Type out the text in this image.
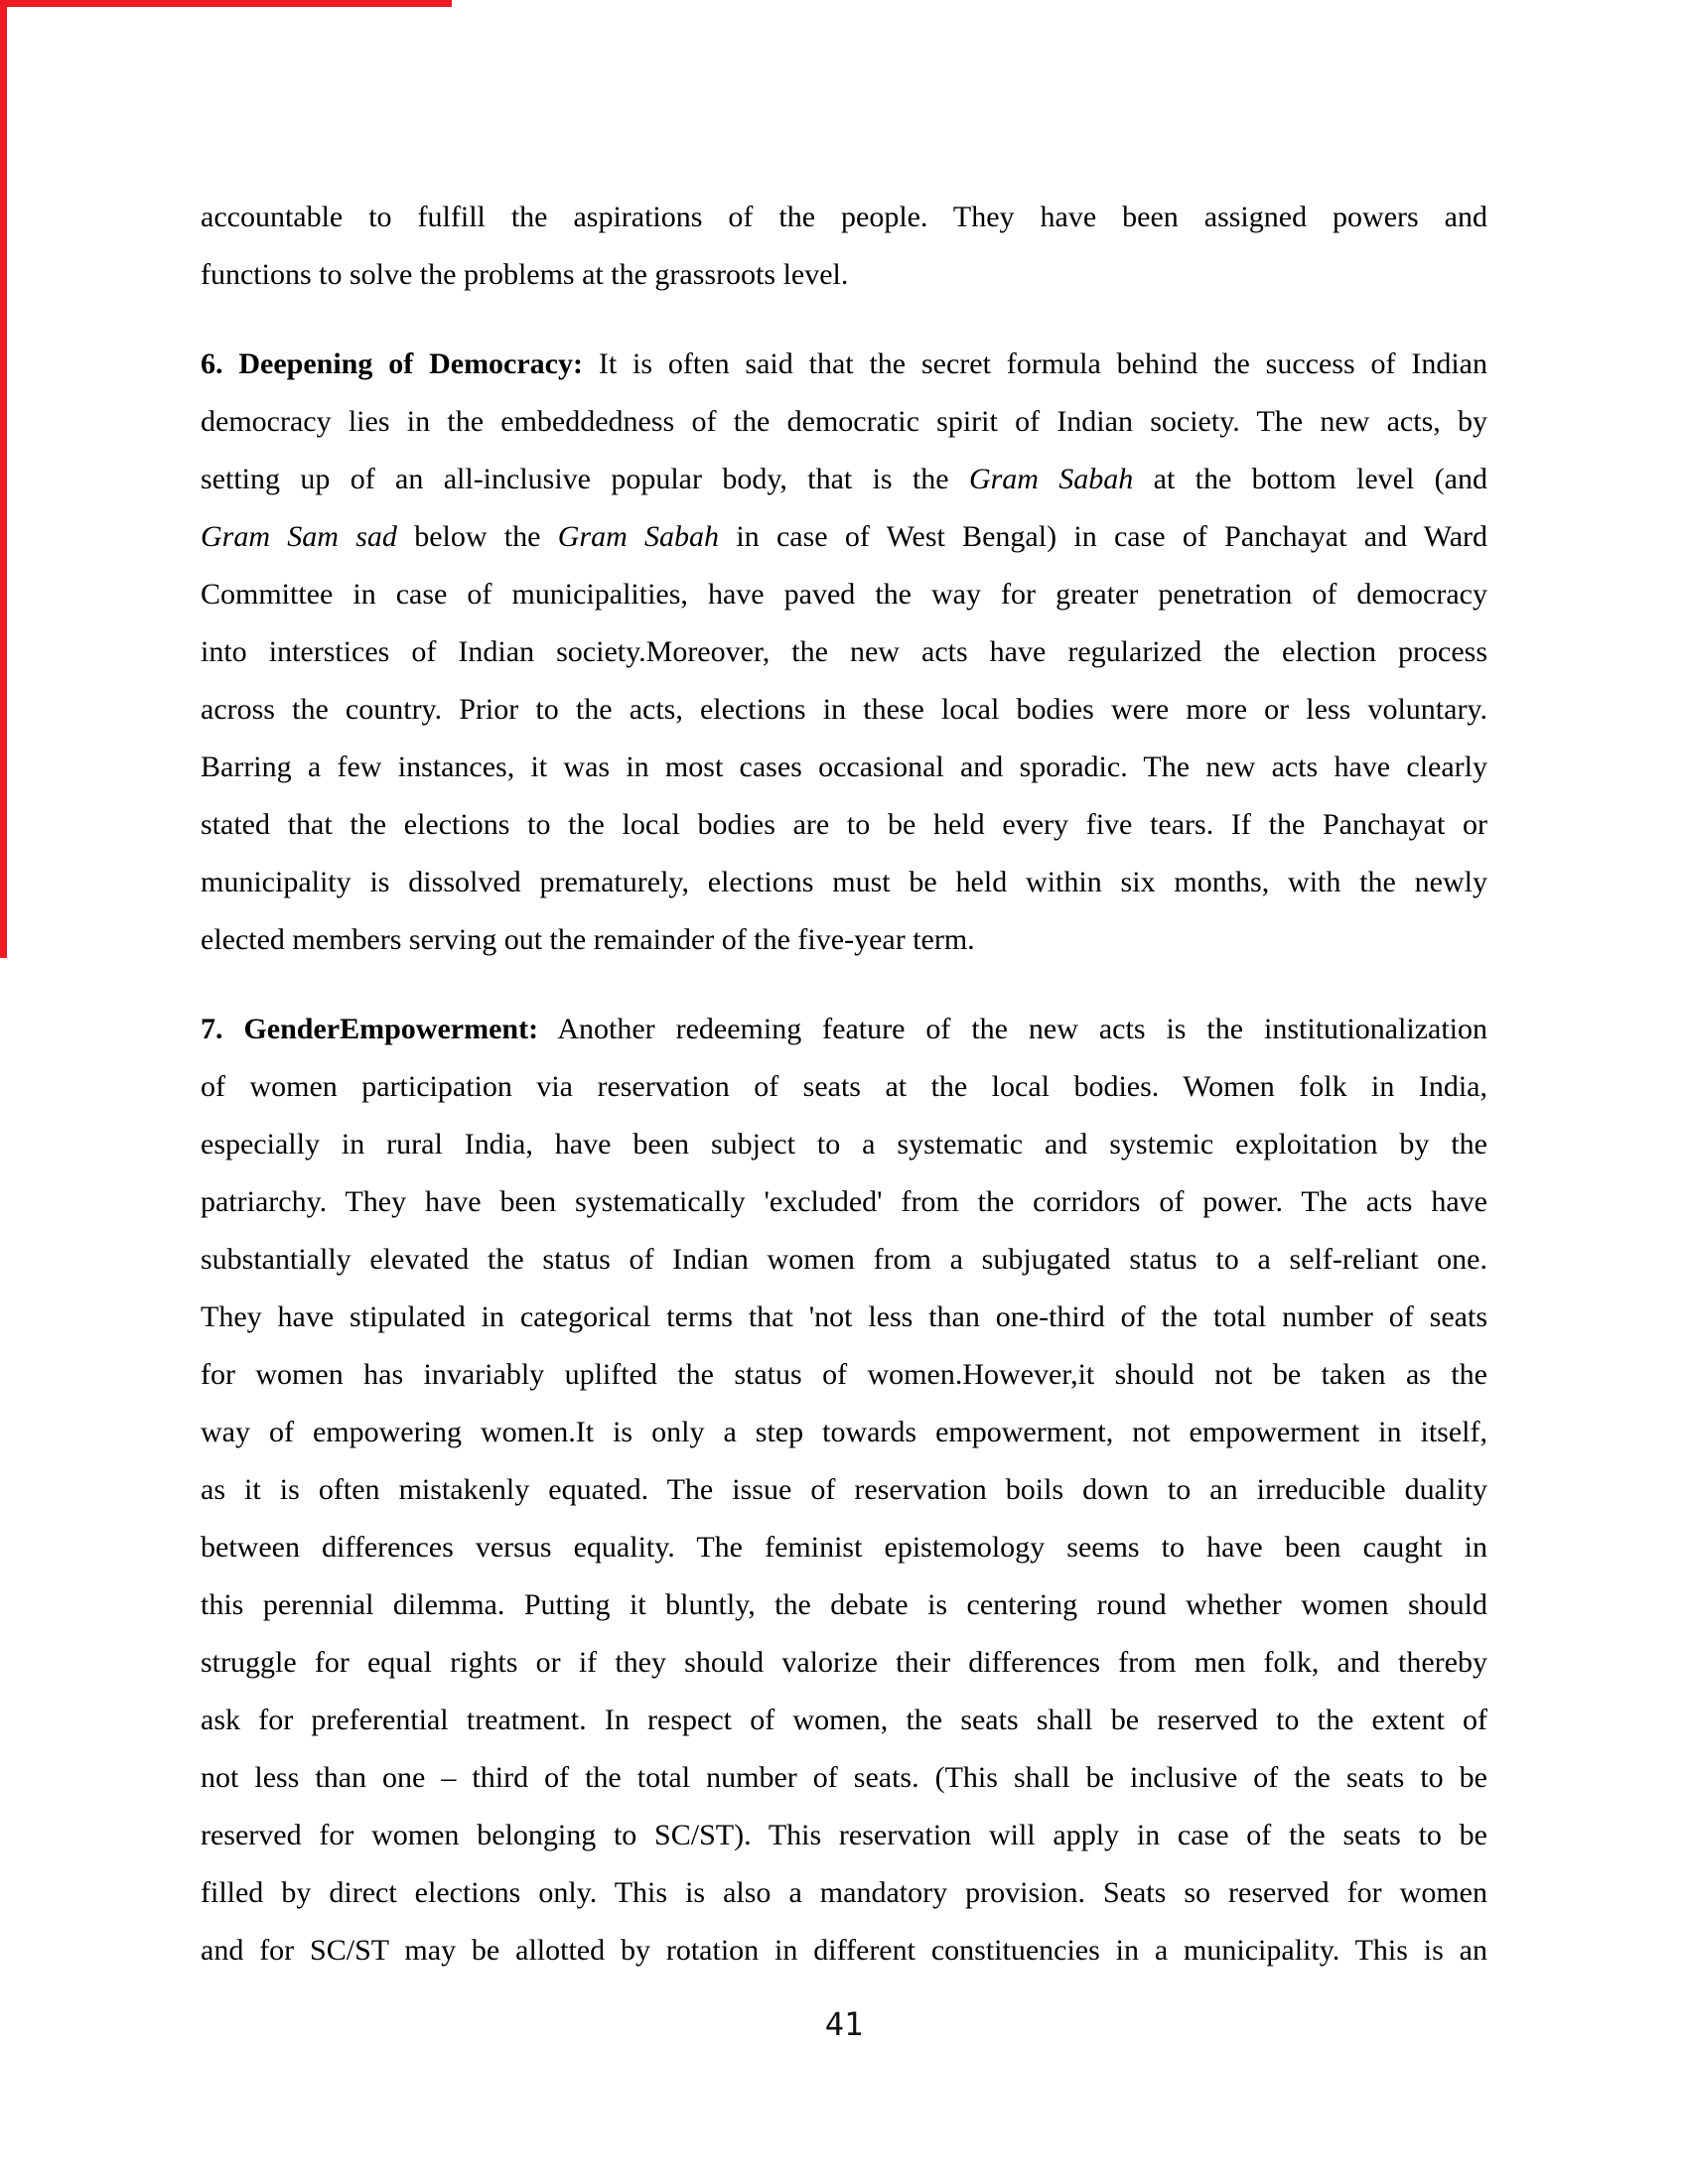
accountable to fulfill the aspirations of the people. They have been assigned powers and
functions to solve the problems at the grassroots level.
6. Deepening of Democracy: It is often said that the secret formula behind the success of Indian
democracy lies in the embeddedness of the democratic spirit of Indian society. The new acts, by
setting up of an all-inclusive popular body, that is the Gram Sabah at the bottom level (and
Gram Sam sad below the Gram Sabah in case of West Bengal) in case of Panchayat and Ward
Committee in case of municipalities, have paved the way for greater penetration of democracy
into interstices of Indian society.Moreover, the new acts have regularized the election process
across the country. Prior to the acts, elections in these local bodies were more or less voluntary.
Barring a few instances, it was in most cases occasional and sporadic. The new acts have clearly
stated that the elections to the local bodies are to be held every five tears. If the Panchayat or
municipality is dissolved prematurely, elections must be held within six months, with the newly
elected members serving out the remainder of the five-year term.
7. GenderEmpowerment: Another redeeming feature of the new acts is the institutionalization
of women participation via reservation of seats at the local bodies. Women folk in India,
especially in rural India, have been subject to a systematic and systemic exploitation by the
patriarchy. They have been systematically 'excluded' from the corridors of power. The acts have
substantially elevated the status of Indian women from a subjugated status to a self-reliant one.
They have stipulated in categorical terms that 'not less than one-third of the total number of seats
for women has invariably uplifted the status of women.However,it should not be taken as the
way of empowering women.It is only a step towards empowerment, not empowerment in itself,
as it is often mistakenly equated. The issue of reservation boils down to an irreducible duality
between differences versus equality. The feminist epistemology seems to have been caught in
this perennial dilemma. Putting it bluntly, the debate is centering round whether women should
struggle for equal rights or if they should valorize their differences from men folk, and thereby
ask for preferential treatment. In respect of women, the seats shall be reserved to the extent of
not less than one – third of the total number of seats. (This shall be inclusive of the seats to be
reserved for women belonging to SC/ST). This reservation will apply in case of the seats to be
filled by direct elections only. This is also a mandatory provision. Seats so reserved for women
and for SC/ST may be allotted by rotation in different constituencies in a municipality. This is an
41
